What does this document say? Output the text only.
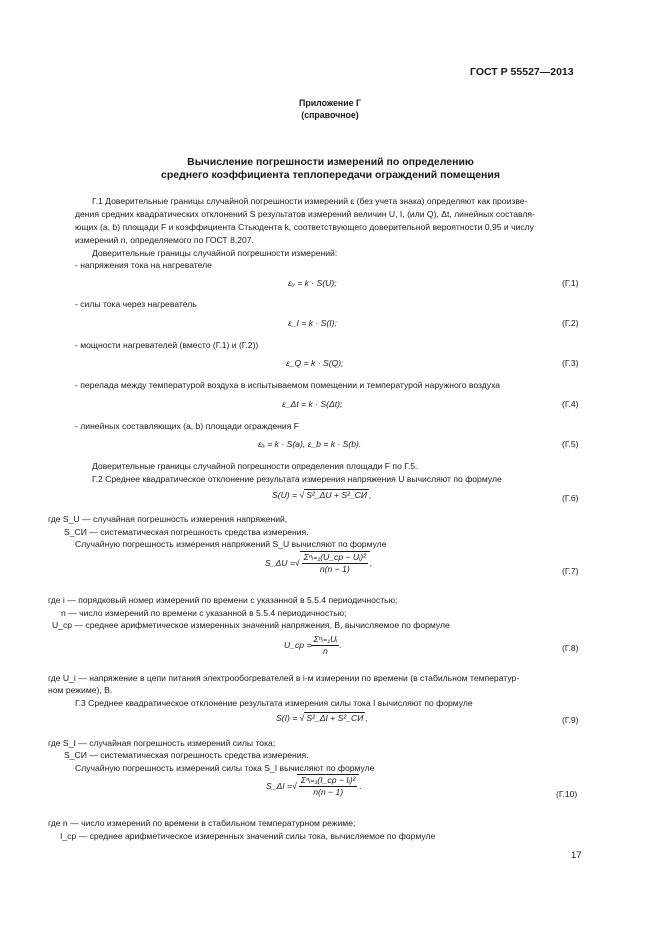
ГОСТ Р 55527—2013
Приложение Г
(справочное)
Вычисление погрешности измерений по определению
среднего коэффициента теплопередачи ограждений помещения
Г.1 Доверительные границы случайной погрешности измерений ε (без учета знака) определяют как произве-
дения средних квадратических отклонений S результатов измерений величин U, I, (или Q), Δt, линейных составля-
ющих (a, b) площади F и коэффициента Стьюдента k, соответствующего доверительной вероятности 0,95 и числу
измерений n, определяемого по ГОСТ 8.207.
Доверительные границы случайной погрешности измерений:
- напряжения тока на нагревателе
εᵤ = k · S(U);	(Г.1)
- силы тока через нагреватель
ε_I = k · S(I);	(Г.2)
- мощности нагревателей (вместо (Г.1) и (Г.2))
ε_Q = k · S(Q);	(Г.3)
- перепада между температурой воздуха в испытываемом помещении и температурой наружного воздуха
ε_Δt = k · S(Δt);	(Г.4)
- линейных составляющих (a, b) площади ограждения F
εₐ = k · S(a), ε_b = k · S(b).	(Г.5)
Доверительные границы случайной погрешности определения площади F по Г.5.
Г.2 Среднее квадратическое отклонение результата измерения напряжения U вычисляют по формуле
S(U) = √ S²_ΔU + S²_СИ ,	(Г.6)
где S_U — случайная погрешность измерения напряжений,
S_СИ — систематическая погрешность средства измерения.
Случайную погрешность измерения напряжений S_U вычисляют по формуле
S_ΔU = √ $\frac{\text{Σⁿᵢ₌₁(U\_ср − Uᵢ)²}}{n(n - 1)}$ ,
(Г.7)
где i — порядковый номер измерений по времени с указанной в 5.5.4 периодичностью;
n — число измерений по времени с указанной в 5.5.4 периодичностью;
U_ср — среднее арифметическое измеренных значений напряжения, В, вычисляемое по формуле
U_ср = $\frac{\text{Σⁿᵢ₌₁Uᵢ}}{n}$ .	(Г.8)
где U_i — напряжение в цепи питания электрообогревателей в i-м измерении по времени (в стабильном температур-
ном режиме), В.
Г.3 Среднее квадратическое отклонение результата измерения силы тока I вычисляют по формуле
S(I) = √ S²_ΔI + S²_СИ ,	(Г.9)
где S_I — случайная погрешность измерений силы тока;
S_СИ — систематическая погрешность средства измерения.
Случайную погрешность измерений силы тока S_I вычисляют по формуле
S_ΔI = √ $\frac{\text{Σⁿᵢ₌₁(I\_ср − Iᵢ)²}}{n(n - 1)}$ .
(Г.10)
где n — число измерений по времени в стабильном температурном режиме;
I_ср — среднее арифметическое измеренных значений силы тока, вычисляемое по формуле
17
